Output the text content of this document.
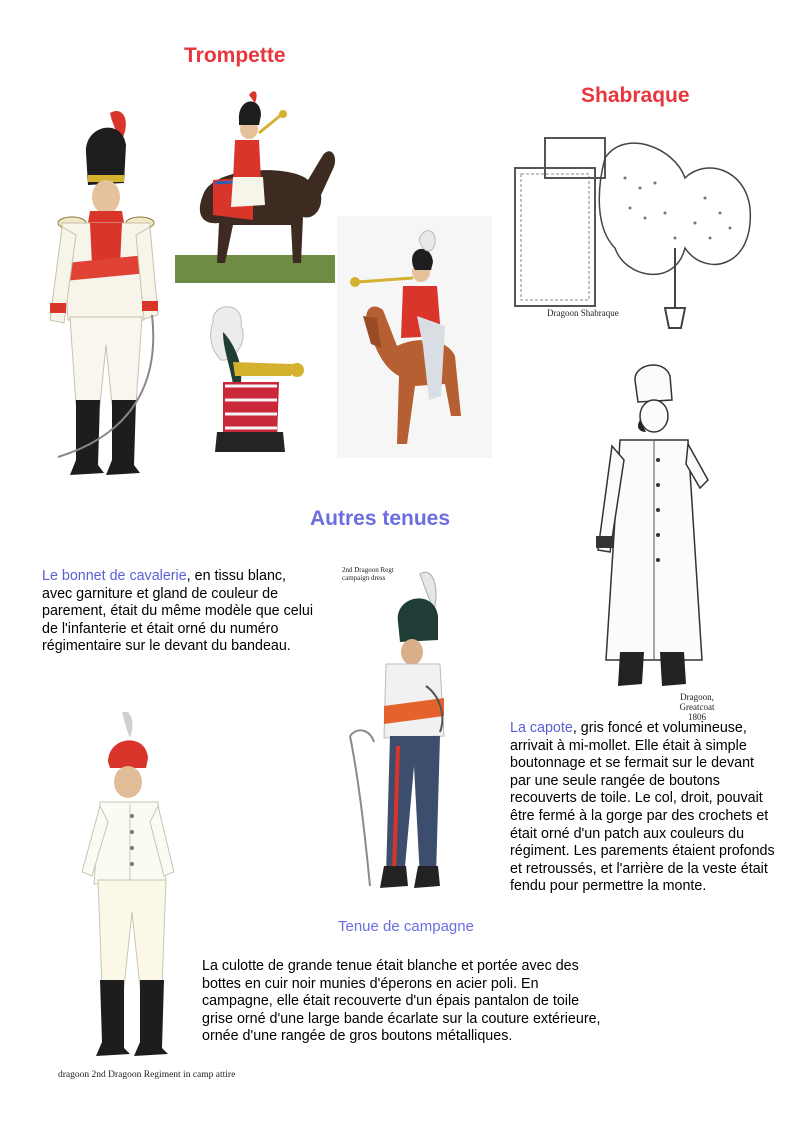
Trompette
Shabraque
Autres tenues
Dragoon Shabraque
Dragoon,
Greatcoat 1806
Le bonnet de cavalerie, en tissu blanc, avec garniture et gland de couleur de parement, était du même modèle que celui de l'infanterie et était orné du numéro régimentaire sur le devant du bandeau.
2nd Dragoon Regt
campaign dress
Tenue de campagne
La capote, gris foncé et volumineuse, arrivait à mi-mollet. Elle était à simple boutonnage et se fermait sur le devant par une seule rangée de boutons recouverts de toile. Le col, droit, pouvait être fermé à la gorge par des crochets et était orné d'un patch aux couleurs du régiment. Les parements étaient profonds et retroussés, et l'arrière de la veste était fendu pour permettre la monte.
La culotte de grande tenue était blanche et portée avec des bottes en cuir noir munies d'éperons en acier poli. En campagne, elle était recouverte d'un épais pantalon de toile grise orné d'une large bande écarlate sur la couture extérieure, ornée d'une rangée de gros boutons métalliques.
dragoon 2nd Dragoon Regiment in camp attire
